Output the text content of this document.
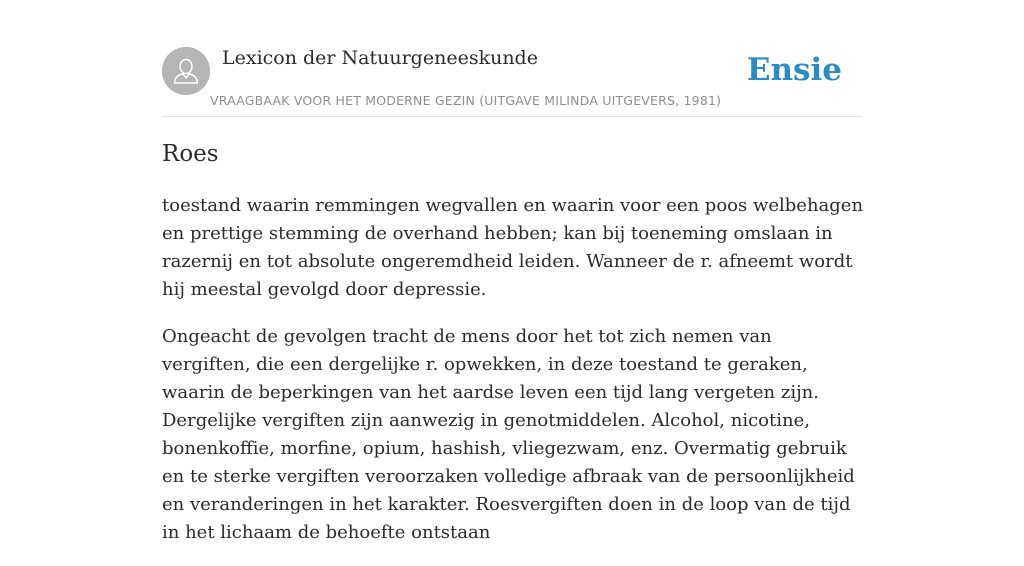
Lexicon der Natuurgeneeskunde
VRAAGBAAK VOOR HET MODERNE GEZIN (UITGAVE MILINDA UITGEVERS, 1981)
Ensie
Roes

toestand waarin remmingen wegvallen en waarin voor een poos welbehagen en prettige stemming de overhand hebben; kan bij toeneming omslaan in razernij en tot absolute ongeremdheid leiden. Wanneer de r. afneemt wordt hij meestal gevolgd door depressie.

Ongeacht de gevolgen tracht de mens door het tot zich nemen van vergiften, die een dergelijke r. opwekken, in deze toestand te geraken, waarin de beperkingen van het aardse leven een tijd lang vergeten zijn. Dergelijke vergiften zijn aanwezig in genotmiddelen. Alcohol, nicotine, bonenkoffie, morfine, opium, hashish, vliegezwam, enz. Overmatig gebruik en te sterke vergiften veroorzaken volledige afbraak van de persoonlijkheid en veranderingen in het karakter. Roesvergiften doen in de loop van de tijd in het lichaam de behoefte ontstaan
